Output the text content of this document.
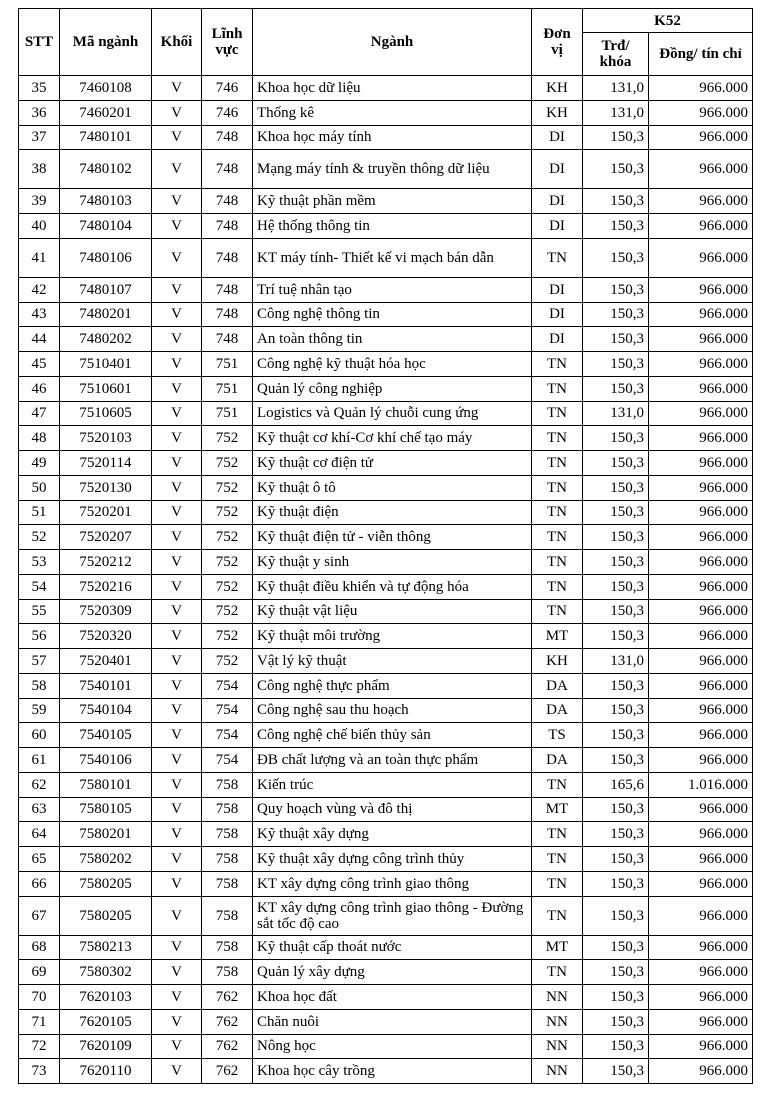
STT	Mã ngành	Khối	Lĩnh vực	Ngành	Đơn vị	K52	
						Trđ/ khóa	Đồng/ tín chỉ
35	7460108	V	746	Khoa học dữ liệu	KH	131,0	966.000
36	7460201	V	746	Thống kê	KH	131,0	966.000
37	7480101	V	748	Khoa học máy tính	DI	150,3	966.000
38	7480102	V	748	Mạng máy tính & truyền thông dữ liệu	DI	150,3	966.000
39	7480103	V	748	Kỹ thuật phần mềm	DI	150,3	966.000
40	7480104	V	748	Hệ thống thông tin	DI	150,3	966.000
41	7480106	V	748	KT máy tính- Thiết kế vi mạch bán dẫn	TN	150,3	966.000
42	7480107	V	748	Trí tuệ nhân tạo	DI	150,3	966.000
43	7480201	V	748	Công nghệ thông tin	DI	150,3	966.000
44	7480202	V	748	An toàn thông tin	DI	150,3	966.000
45	7510401	V	751	Công nghệ kỹ thuật hóa học	TN	150,3	966.000
46	7510601	V	751	Quản lý công nghiệp	TN	150,3	966.000
47	7510605	V	751	Logistics và Quản lý chuỗi cung ứng	TN	131,0	966.000
48	7520103	V	752	Kỹ thuật cơ khí-Cơ khí chế tạo máy	TN	150,3	966.000
49	7520114	V	752	Kỹ thuật cơ điện tử	TN	150,3	966.000
50	7520130	V	752	Kỹ thuật ô tô	TN	150,3	966.000
51	7520201	V	752	Kỹ thuật điện	TN	150,3	966.000
52	7520207	V	752	Kỹ thuật điện tử - viễn thông	TN	150,3	966.000
53	7520212	V	752	Kỹ thuật y sinh	TN	150,3	966.000
54	7520216	V	752	Kỹ thuật điều khiển và tự động hóa	TN	150,3	966.000
55	7520309	V	752	Kỹ thuật vật liệu	TN	150,3	966.000
56	7520320	V	752	Kỹ thuật môi trường	MT	150,3	966.000
57	7520401	V	752	Vật lý kỹ thuật	KH	131,0	966.000
58	7540101	V	754	Công nghệ thực phẩm	DA	150,3	966.000
59	7540104	V	754	Công nghệ sau thu hoạch	DA	150,3	966.000
60	7540105	V	754	Công nghệ chế biến thủy sản	TS	150,3	966.000
61	7540106	V	754	ĐB chất lượng và an toàn thực phẩm	DA	150,3	966.000
62	7580101	V	758	Kiến trúc	TN	165,6	1.016.000
63	7580105	V	758	Quy hoạch vùng và đô thị	MT	150,3	966.000
64	7580201	V	758	Kỹ thuật xây dựng	TN	150,3	966.000
65	7580202	V	758	Kỹ thuật xây dựng công trình thủy	TN	150,3	966.000
66	7580205	V	758	KT xây dựng công trình giao thông	TN	150,3	966.000
67	7580205	V	758	KT xây dựng công trình giao thông - Đường sắt tốc độ cao	TN	150,3	966.000
68	7580213	V	758	Kỹ thuật cấp thoát nước	MT	150,3	966.000
69	7580302	V	758	Quản lý xây dựng	TN	150,3	966.000
70	7620103	V	762	Khoa học đất	NN	150,3	966.000
71	7620105	V	762	Chăn nuôi	NN	150,3	966.000
72	7620109	V	762	Nông học	NN	150,3	966.000
73	7620110	V	762	Khoa học cây trồng	NN	150,3	966.000
